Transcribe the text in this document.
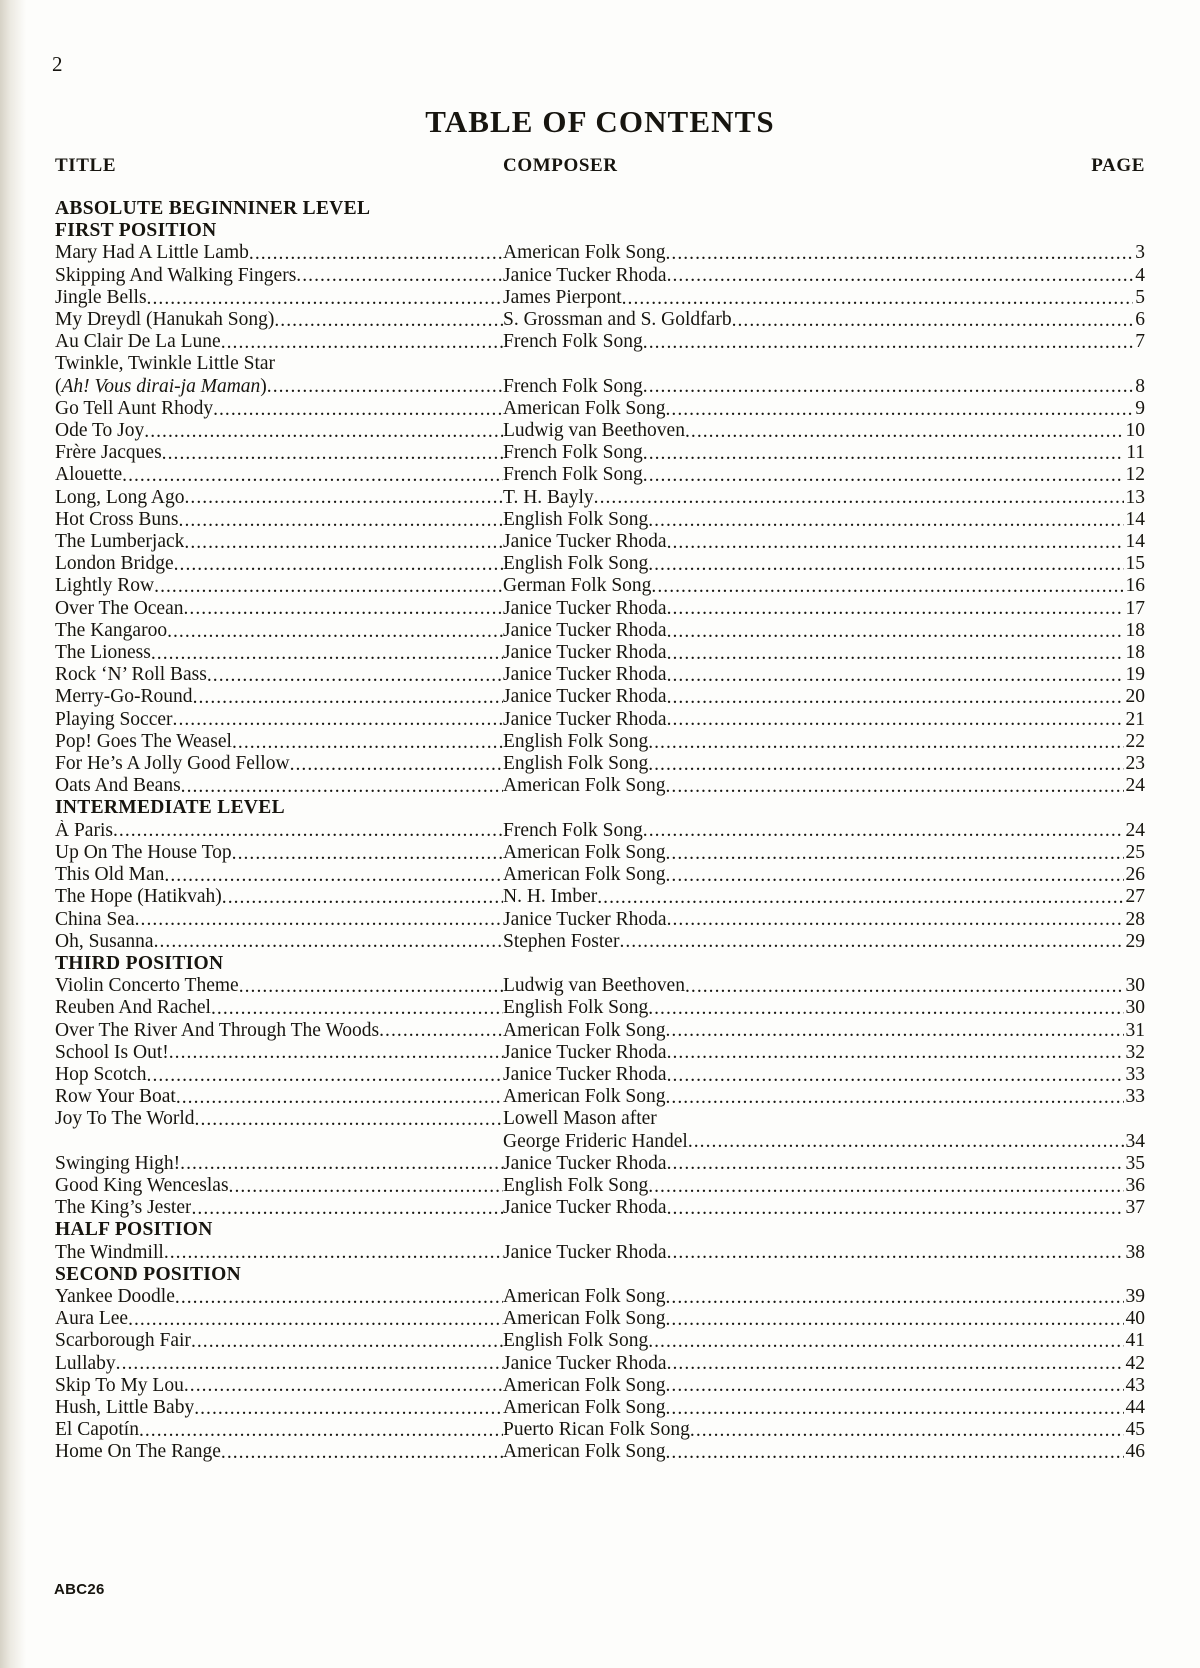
2
TABLE OF CONTENTS
TITLE	COMPOSER	PAGE
ABSOLUTE BEGINNINER LEVEL
FIRST POSITION
Mary Had A Little Lamb .....	American Folk Song .....	3
Skipping And Walking Fingers .....	Janice Tucker Rhoda .....	4
Jingle Bells .....	James Pierpont .....	5
My Dreydl (Hanukah Song) .....	S. Grossman and S. Goldfarb .....	6
Au Clair De La Lune .....	French Folk Song .....	7
Twinkle, Twinkle Little Star
(Ah! Vous dirai-ja Maman) .....	French Folk Song .....	8
Go Tell Aunt Rhody .....	American Folk Song .....	9
Ode To Joy .....	Ludwig van Beethoven .....	10
Frère Jacques .....	French Folk Song .....	11
Alouette .....	French Folk Song .....	12
Long, Long Ago .....	T. H. Bayly .....	13
Hot Cross Buns .....	English Folk Song .....	14
The Lumberjack .....	Janice Tucker Rhoda .....	14
London Bridge .....	English Folk Song .....	15
Lightly Row .....	German Folk Song .....	16
Over The Ocean .....	Janice Tucker Rhoda .....	17
The Kangaroo .....	Janice Tucker Rhoda .....	18
The Lioness .....	Janice Tucker Rhoda .....	18
Rock ‘N’ Roll Bass .....	Janice Tucker Rhoda .....	19
Merry-Go-Round .....	Janice Tucker Rhoda .....	20
Playing Soccer .....	Janice Tucker Rhoda .....	21
Pop! Goes The Weasel .....	English Folk Song .....	22
For He’s A Jolly Good Fellow .....	English Folk Song .....	23
Oats And Beans .....	American Folk Song .....	24
INTERMEDIATE LEVEL
À Paris .....	French Folk Song .....	24
Up On The House Top .....	American Folk Song .....	25
This Old Man .....	American Folk Song .....	26
The Hope (Hatikvah) .....	N. H. Imber .....	27
China Sea .....	Janice Tucker Rhoda .....	28
Oh, Susanna .....	Stephen Foster .....	29
THIRD POSITION
Violin Concerto Theme .....	Ludwig van Beethoven .....	30
Reuben And Rachel .....	English Folk Song .....	30
Over The River And Through The Woods .....	American Folk Song .....	31
School Is Out! .....	Janice Tucker Rhoda .....	32
Hop Scotch .....	Janice Tucker Rhoda .....	33
Row Your Boat .....	American Folk Song .....	33
Joy To The World .....	Lowell Mason after
George Frideric Handel .....	34
Swinging High! .....	Janice Tucker Rhoda .....	35
Good King Wenceslas .....	English Folk Song .....	36
The King’s Jester .....	Janice Tucker Rhoda .....	37
HALF POSITION
The Windmill .....	Janice Tucker Rhoda .....	38
SECOND POSITION
Yankee Doodle .....	American Folk Song .....	39
Aura Lee .....	American Folk Song .....	40
Scarborough Fair .....	English Folk Song .....	41
Lullaby .....	Janice Tucker Rhoda .....	42
Skip To My Lou .....	American Folk Song .....	43
Hush, Little Baby .....	American Folk Song .....	44
El Capotín .....	Puerto Rican Folk Song .....	45
Home On The Range .....	American Folk Song .....	46
ABC26
